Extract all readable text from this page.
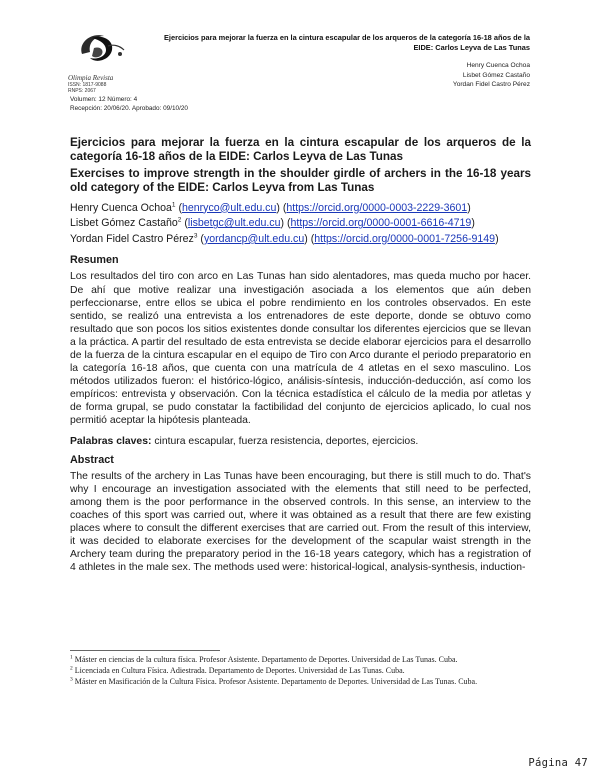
Olimpia Revista
ISSN: 1817-9088
RNPS: 2067
Ejercicios para mejorar la fuerza en la cintura escapular de los arqueros de la categoría 16-18 años de la EIDE: Carlos Leyva de Las Tunas
Henry Cuenca Ochoa
Lisbet Gómez Castaño
Yordan Fidel Castro Pérez
Volumen: 12 Número: 4
Recepción: 20/06/20. Aprobado: 09/10/20

Ejercicios para mejorar la fuerza en la cintura escapular de los arqueros de la categoría 16-18 años de la EIDE: Carlos Leyva de Las Tunas

Exercises to improve strength in the shoulder girdle of archers in the 16-18 years old category of the EIDE: Carlos Leyva from Las Tunas

Henry Cuenca Ochoa$^1$ (henryco@ult.edu.cu) (https://orcid.org/0000-0003-2229-3601)
Lisbet Gómez Castaño$^2$ (lisbetgc@ult.edu.cu) (https://orcid.org/0000-0001-6616-4719)
Yordan Fidel Castro Pérez$^3$ (yordancp@ult.edu.cu) (https://orcid.org/0000-0001-7256-9149)
Resumen
Los resultados del tiro con arco en Las Tunas han sido alentadores, mas queda mucho por hacer. De ahí que motive realizar una investigación asociada a los elementos que aún deben perfeccionarse, entre ellos se ubica el pobre rendimiento en los controles observados. En este sentido, se realizó una entrevista a los entrenadores de este deporte, donde se obtuvo como resultado que son pocos los sitios existentes donde consultar los diferentes ejercicios que se llevan a la práctica. A partir del resultado de esta entrevista se decide elaborar ejercicios para el desarrollo de la fuerza de la cintura escapular en el equipo de Tiro con Arco durante el periodo preparatorio en la categoría 16-18 años, que cuenta con una matrícula de 4 atletas en el sexo masculino. Los métodos utilizados fueron: el histórico-lógico, análisis-síntesis, inducción-deducción, así como los empíricos: entrevista y observación. Con la técnica estadística el cálculo de la media por atletas y de forma grupal, se pudo constatar la factibilidad del conjunto de ejercicios aplicado, lo cual nos permitió aceptar la hipótesis planteada.
Palabras claves: cintura escapular, fuerza resistencia, deportes, ejercicios.
Abstract
The results of the archery in Las Tunas have been encouraging, but there is still much to do. That's why I encourage an investigation associated with the elements that still need to be perfected, among them is the poor performance in the observed controls. In this sense, an interview to the coaches of this sport was carried out, where it was obtained as a result that there are few existing places where to consult the different exercises that are carried out. From the result of this interview, it was decided to elaborate exercises for the development of the scapular waist strength in the Archery team during the preparatory period in the 16-18 years category, which has a registration of 4 athletes in the male sex. The methods used were: historical-logical, analysis-synthesis, induction-
$^1$ Máster en ciencias de la cultura física. Profesor Asistente. Departamento de Deportes. Universidad de Las Tunas. Cuba.
$^2$ Licenciada en Cultura Física. Adiestrada. Departamento de Deportes. Universidad de Las Tunas. Cuba.
$^3$ Máster en Masificación de la Cultura Física. Profesor Asistente. Departamento de Deportes. Universidad de Las Tunas. Cuba.
Página 47
